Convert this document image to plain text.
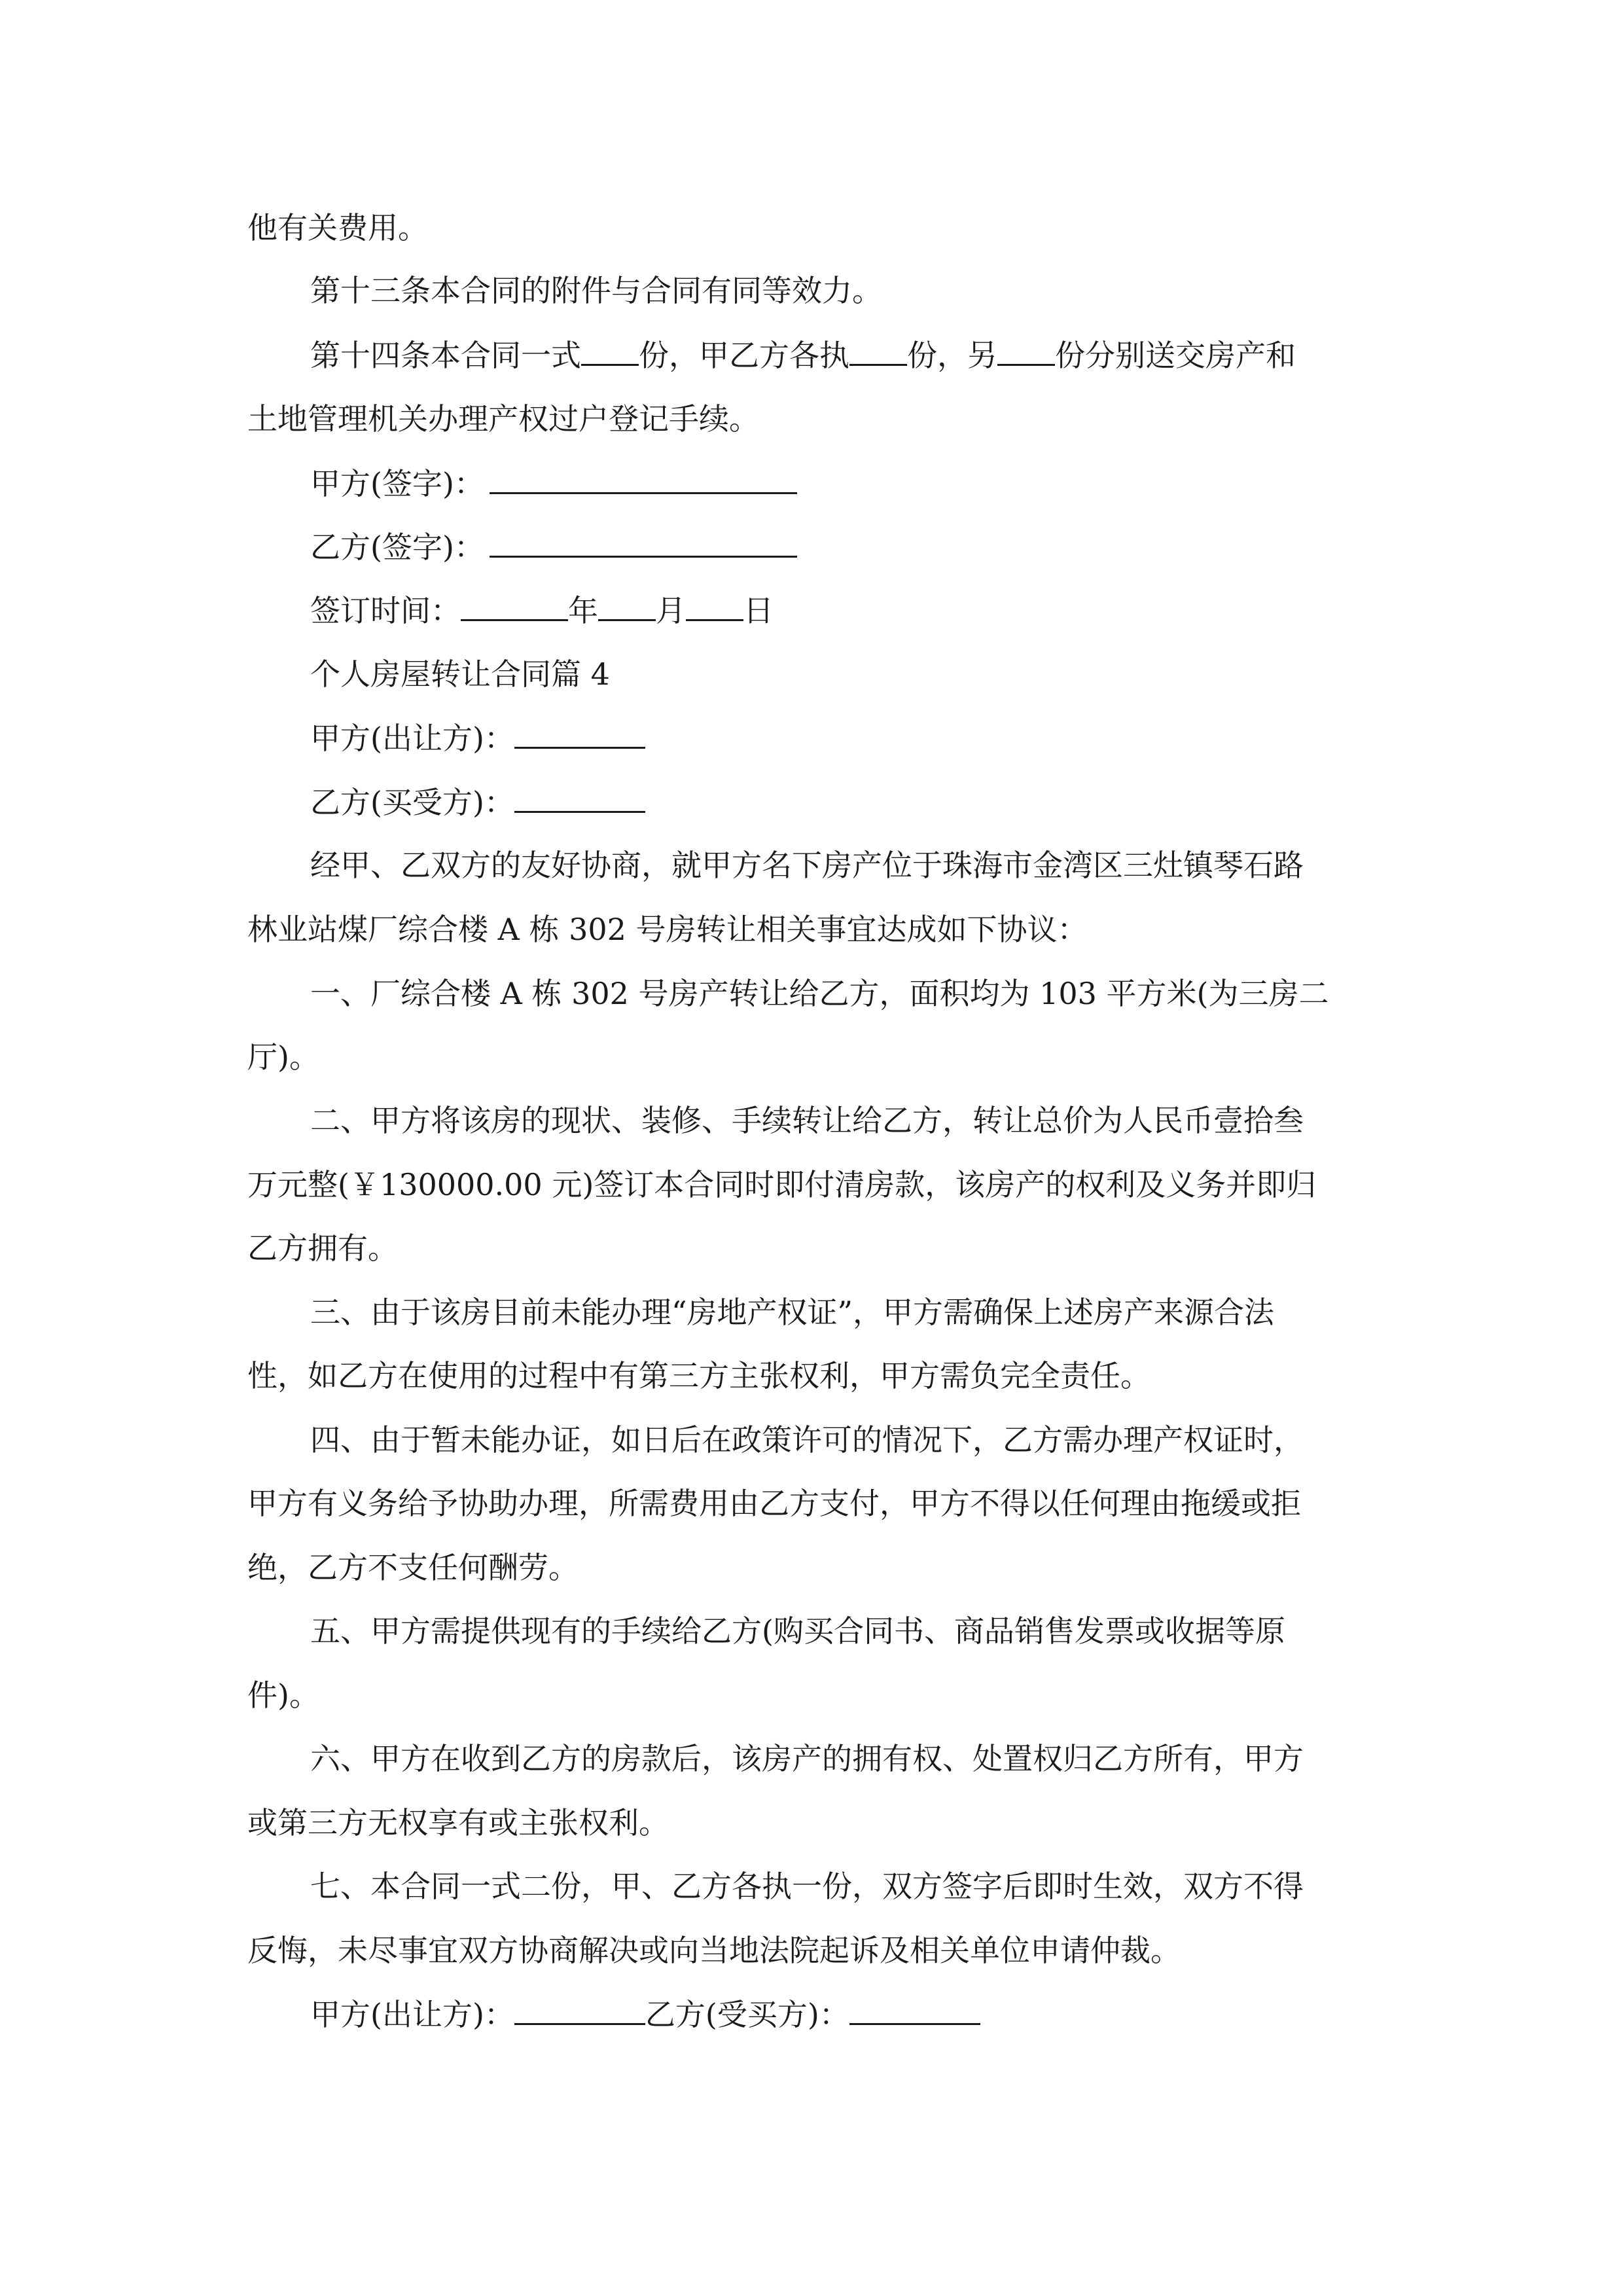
他有关费用。
第十三条本合同的附件与合同有同等效力。
第十四条本合同一式 份，甲乙方各执 份，另 份分别送交房产和
土地管理机关办理产权过户登记手续。
甲方(签字)：
乙方(签字)：
签订时间：	年 月 日
个人房屋转让合同篇 4
甲方(出让方)：
乙方(买受方)：
经甲、乙双方的友好协商，就甲方名下房产位于珠海市金湾区三灶镇琴石路
林业站煤厂综合楼 A 栋 302 号房转让相关事宜达成如下协议：
一、厂综合楼 A 栋 302 号房产转让给乙方，面积均为 103 平方米(为三房二
厅)。
二、甲方将该房的现状、装修、手续转让给乙方，转让总价为人民币壹拾叁
万元整(￥130000.00 元)签订本合同时即付清房款，该房产的权利及义务并即归
乙方拥有。
三、由于该房目前未能办理“房地产权证”，甲方需确保上述房产来源合法
性，如乙方在使用的过程中有第三方主张权利，甲方需负完全责任。
四、由于暂未能办证，如日后在政策许可的情况下，乙方需办理产权证时，
甲方有义务给予协助办理，所需费用由乙方支付，甲方不得以任何理由拖缓或拒
绝，乙方不支任何酬劳。
五、甲方需提供现有的手续给乙方(购买合同书、商品销售发票或收据等原
件)。
六、甲方在收到乙方的房款后，该房产的拥有权、处置权归乙方所有，甲方
或第三方无权享有或主张权利。
七、本合同一式二份，甲、乙方各执一份，双方签字后即时生效，双方不得
反悔，未尽事宜双方协商解决或向当地法院起诉及相关单位申请仲裁。
甲方(出让方)：	乙方(受买方)：
